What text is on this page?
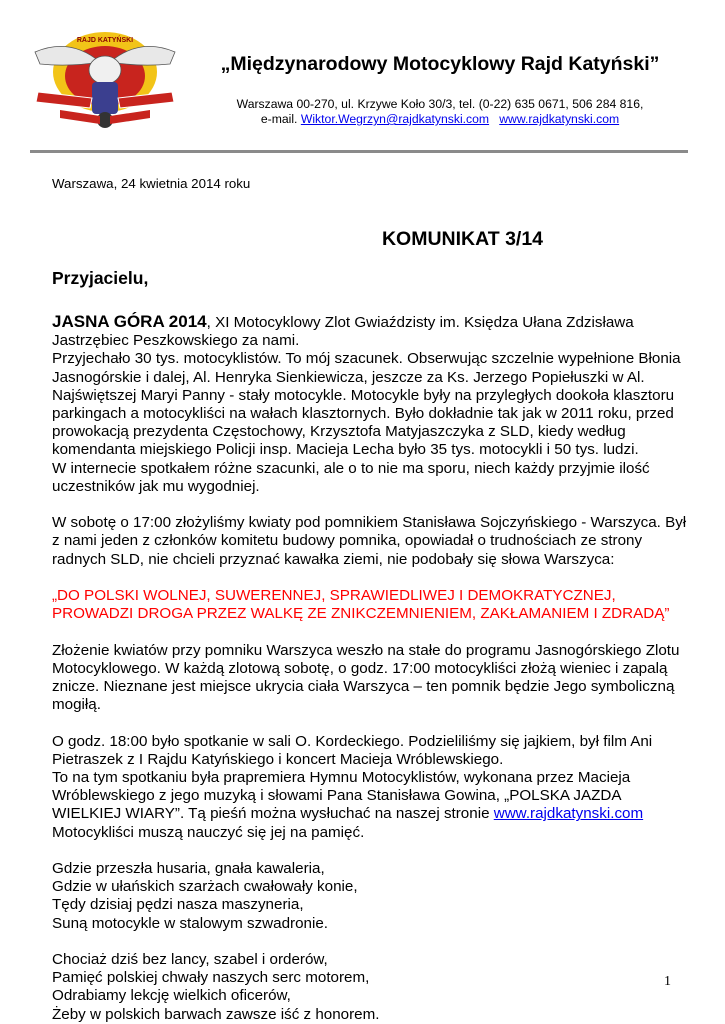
RAJD KATYŃSKI
„Międzynarodowy Motocyklowy Rajd Katyński”
Warszawa 00-270, ul. Krzywe Koło 30/3, tel. (0-22) 635 0671, 506 284 816,
e-mail. Wiktor.Wegrzyn@rajdkatynski.com www.rajdkatynski.com
Warszawa, 24 kwietnia 2014 roku
KOMUNIKAT 3/14
Przyjacielu,

JASNA GÓRA 2014, XI Motocyklowy Zlot Gwiaździsty im. Księdza Ułana Zdzisława Jastrzębiec Peszkowskiego za nami.

Przyjechało 30 tys. motocyklistów. To mój szacunek. Obserwując szczelnie wypełnione Błonia Jasnogórskie i dalej, Al. Henryka Sienkiewicza, jeszcze za Ks. Jerzego Popiełuszki w Al. Najświętszej Maryi Panny - stały motocykle. Motocykle były na przyległych dookoła klasztoru parkingach a motocykliści na wałach klasztornych. Było dokładnie tak jak w 2011 roku, przed prowokacją prezydenta Częstochowy, Krzysztofa Matyjaszczyka z SLD, kiedy według komendanta miejskiego Policji insp. Macieja Lecha było 35 tys. motocykli i 50 tys. ludzi.

W internecie spotkałem różne szacunki, ale o to nie ma sporu, niech każdy przyjmie ilość uczestników jak mu wygodniej.

W sobotę o 17:00 złożyliśmy kwiaty pod pomnikiem Stanisława Sojczyńskiego - Warszyca. Był z nami jeden z członków komitetu budowy pomnika, opowiadał o trudnościach ze strony radnych SLD, nie chcieli przyznać kawałka ziemi, nie podobały się słowa Warszyca:

„DO POLSKI WOLNEJ, SUWERENNEJ, SPRAWIEDLIWEJ I DEMOKRATYCZNEJ,

PROWADZI DROGA PRZEZ WALKĘ ZE ZNIKCZEMNIENIEM, ZAKŁAMANIEM I ZDRADĄ”

Złożenie kwiatów przy pomniku Warszyca weszło na stałe do programu Jasnogórskiego Zlotu Motocyklowego. W każdą zlotową sobotę, o godz. 17:00 motocykliści złożą wieniec i zapalą znicze. Nieznane jest miejsce ukrycia ciała Warszyca – ten pomnik będzie Jego symboliczną mogiłą.

O godz. 18:00 było spotkanie w sali O. Kordeckiego. Podzieliliśmy się jajkiem, był film Ani Pietraszek z I Rajdu Katyńskiego i koncert Macieja Wróblewskiego.

To na tym spotkaniu była prapremiera Hymnu Motocyklistów, wykonana przez Macieja Wróblewskiego z jego muzyką i słowami Pana Stanisława Gowina, „POLSKA JAZDA WIELKIEJ WIARY”. Tą pieśń można wysłuchać na naszej stronie www.rajdkatynski.com

Motocykliści muszą nauczyć się jej na pamięć.

Gdzie przeszła husaria, gnała kawaleria,

Gdzie w ułańskich szarżach cwałowały konie,

Tędy dzisiaj pędzi nasza maszyneria,

Suną motocykle w stalowym szwadronie.

Chociaż dziś bez lancy, szabel i orderów,

Pamięć polskiej chwały naszych serc motorem,

Odrabiamy lekcję wielkich oficerów,

Żeby w polskich barwach zawsze iść z honorem.

1
